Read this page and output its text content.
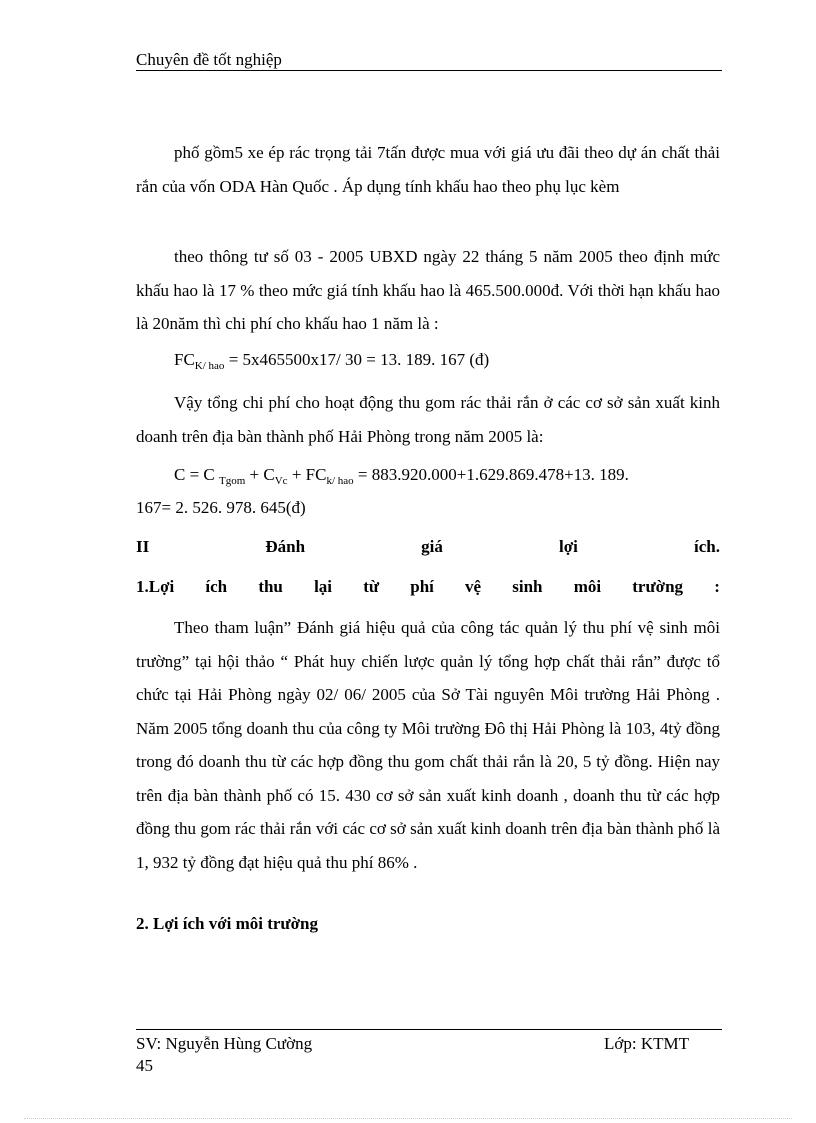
Chuyên đề tốt nghiệp

phố gồm5 xe ép rác trọng tải 7tấn được mua với giá ưu đãi theo dự án chất thải rắn của vốn ODA Hàn Quốc . Áp dụng tính khấu hao theo phụ lục kèm

theo thông tư số 03 - 2005 UBXD ngày 22 tháng 5 năm 2005 theo định mức khấu hao là 17 % theo mức giá tính khấu hao là 465.500.000đ. Với thời hạn khấu hao là 20năm thì chi phí cho khấu hao 1 năm là :

$FC_{K/ hao} = 5x465500x17/$ 30 = 13. 189. 167 (đ)

Vậy tổng chi phí cho hoạt động thu gom rác thải rắn ở các cơ sở sản xuất kinh doanh trên địa bàn thành phố Hải Phòng trong năm 2005 là:

C = C $_{Tgom} + C_{Vc} + FC_{k/ hao} = 883.920.000+1.629.869.478+13$. 189.
167= 2. 526. 978. 645(đ)
II	Đánh	giá	lợi	ích.
1.Lợi ích thu lại từ phí vệ sinh môi trường :

Theo tham luận” Đánh giá hiệu quả của công tác quản lý thu phí vệ sinh môi trường” tại hội thảo “ Phát huy chiến lược quản lý tổng hợp chất thải rắn” được tổ chức tại Hải Phòng ngày 02/ 06/ 2005 của Sở Tài nguyên Môi trường Hải Phòng . Năm 2005 tổng doanh thu của công ty Môi trường Đô thị Hải Phòng là 103, 4tỷ đồng trong đó doanh thu từ các hợp đồng thu gom chất thải rắn là 20, 5 tỷ đồng. Hiện nay trên địa bàn thành phố có 15. 430 cơ sở sản xuất kinh doanh , doanh thu từ các hợp đồng thu gom rác thải rắn với các cơ sở sản xuất kinh doanh trên địa bàn thành phố là 1, 932 tỷ đồng đạt hiệu quả thu phí 86% .

2. Lợi ích với môi trường
SV: Nguyễn Hùng Cường	Lớp: KTMT
45
